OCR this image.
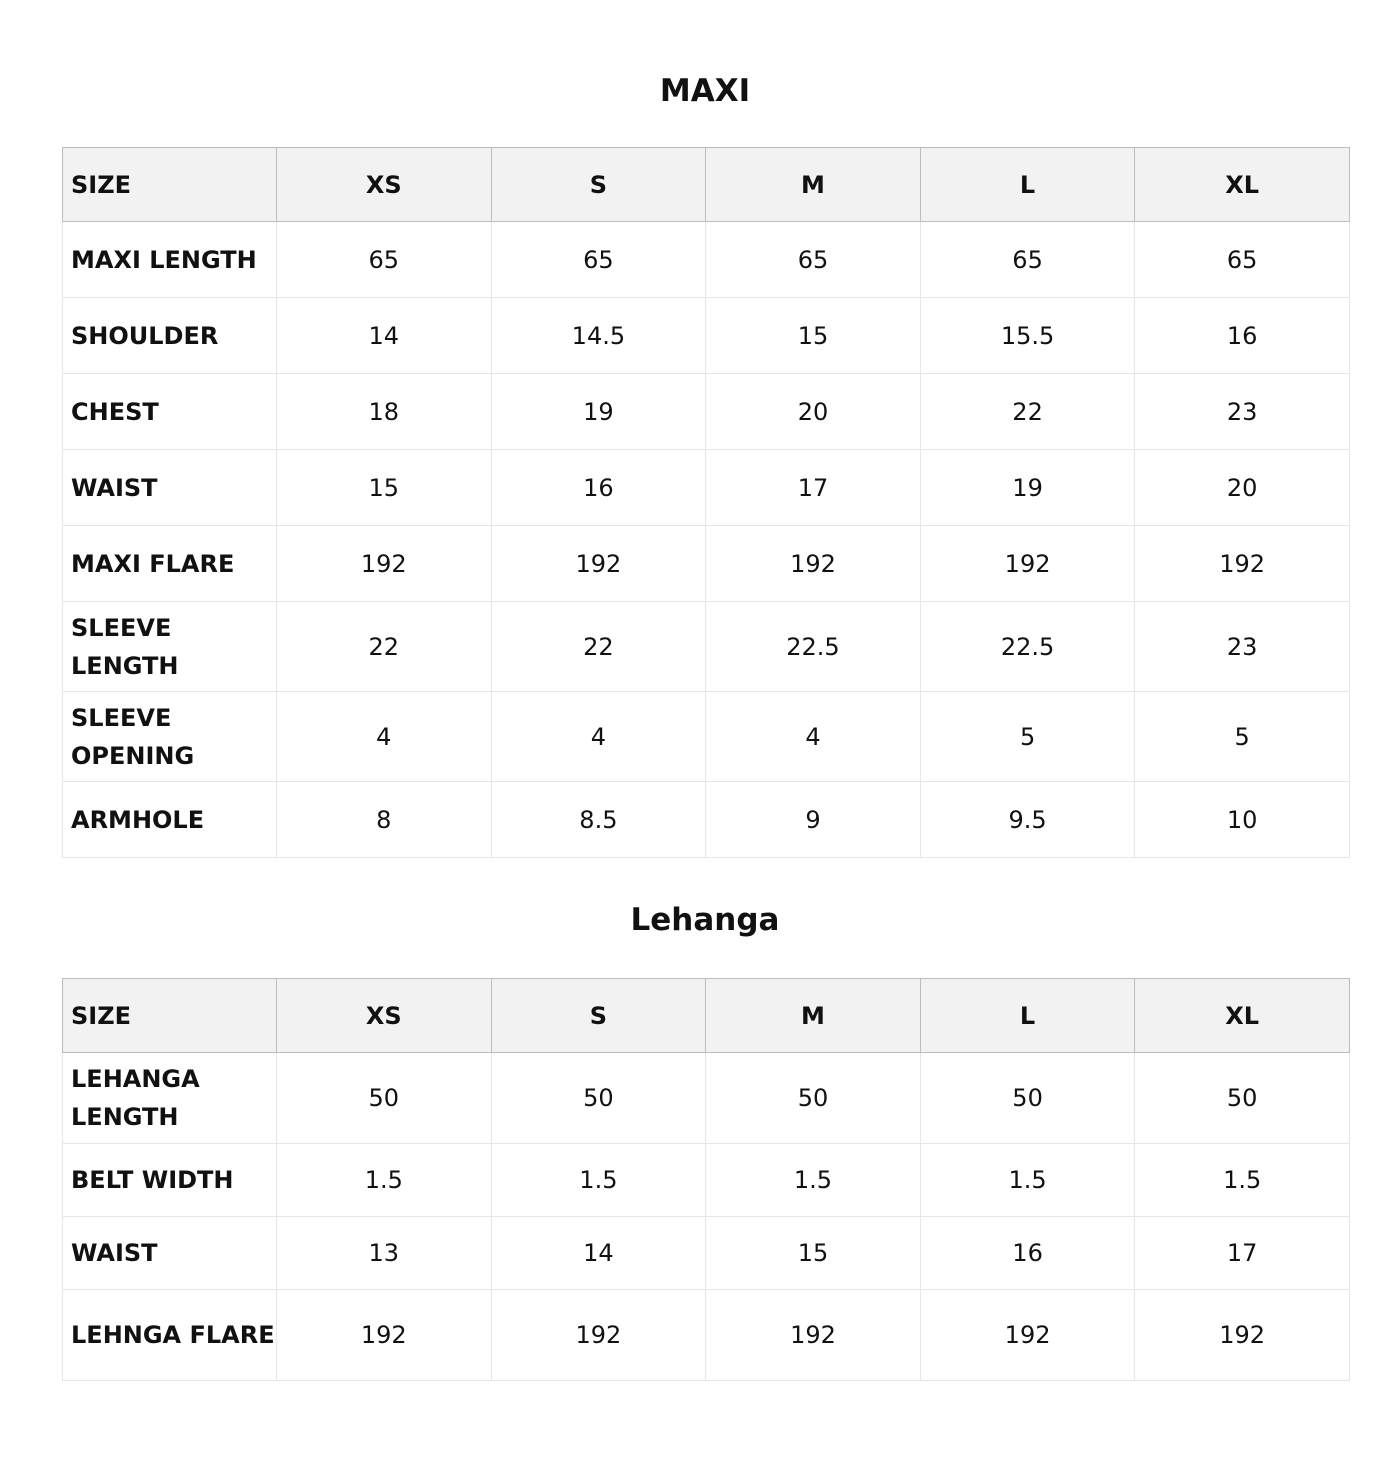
MAXI
SIZE	XS	S	M	L	XL
MAXI LENGTH	65	65	65	65	65
SHOULDER	14	14.5	15	15.5	16
CHEST	18	19	20	22	23
WAIST	15	16	17	19	20
MAXI FLARE	192	192	192	192	192
SLEEVE LENGTH	22	22	22.5	22.5	23
SLEEVE OPENING	4	4	4	5	5
ARMHOLE	8	8.5	9	9.5	10
Lehanga
SIZE	XS	S	M	L	XL
LEHANGA LENGTH	50	50	50	50	50
BELT WIDTH	1.5	1.5	1.5	1.5	1.5
WAIST	13	14	15	16	17
LEHNGA FLARE	192	192	192	192	192
